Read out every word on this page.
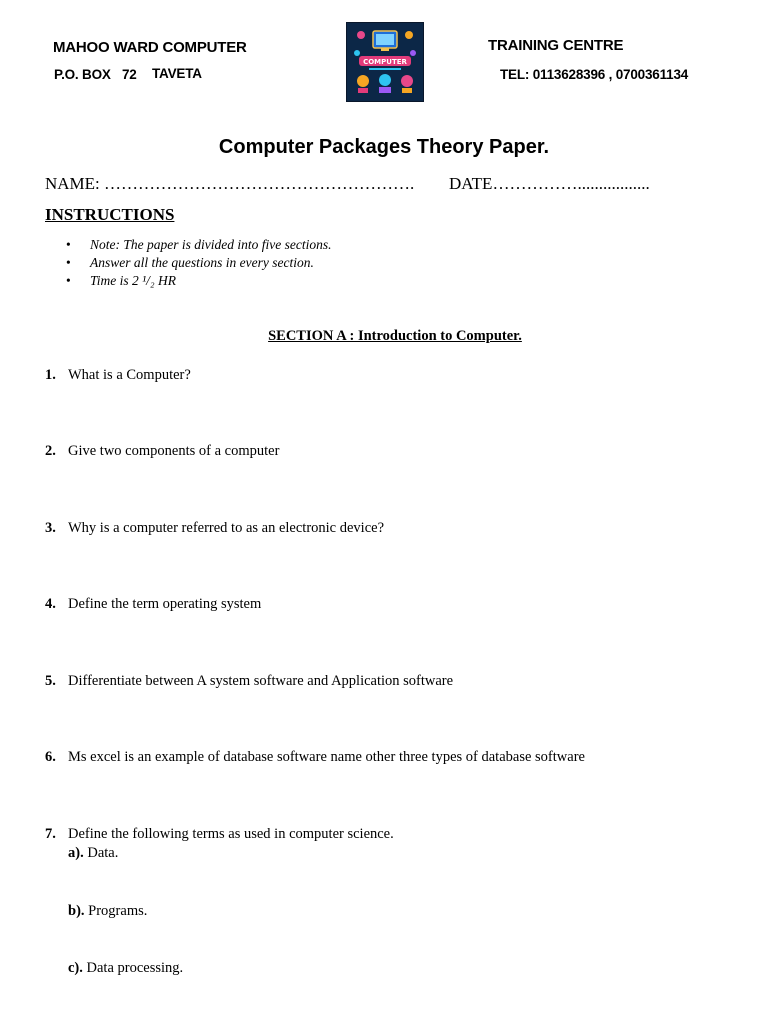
MAHOO WARD COMPUTER
P.O. BOX 72 TAVETA
COMPUTER
TRAINING CENTRE
TEL: 0113628396 , 0700361134
Computer Packages Theory Paper.
NAME: ………………………………………………. DATE…………….................
INSTRUCTIONS
• Note: The paper is divided into five sections.
• Answer all the questions in every section.
• Time is 2 ¹/₂ HR
SECTION A : Introduction to Computer.
1. What is a Computer?
2. Give two components of a computer
3. Why is a computer referred to as an electronic device?
4. Define the term operating system
5. Differentiate between A system software and Application software
6. Ms excel is an example of database software name other three types of database software
7. Define the following terms as used in computer science.
a). Data.
b). Programs.
c). Data processing.
